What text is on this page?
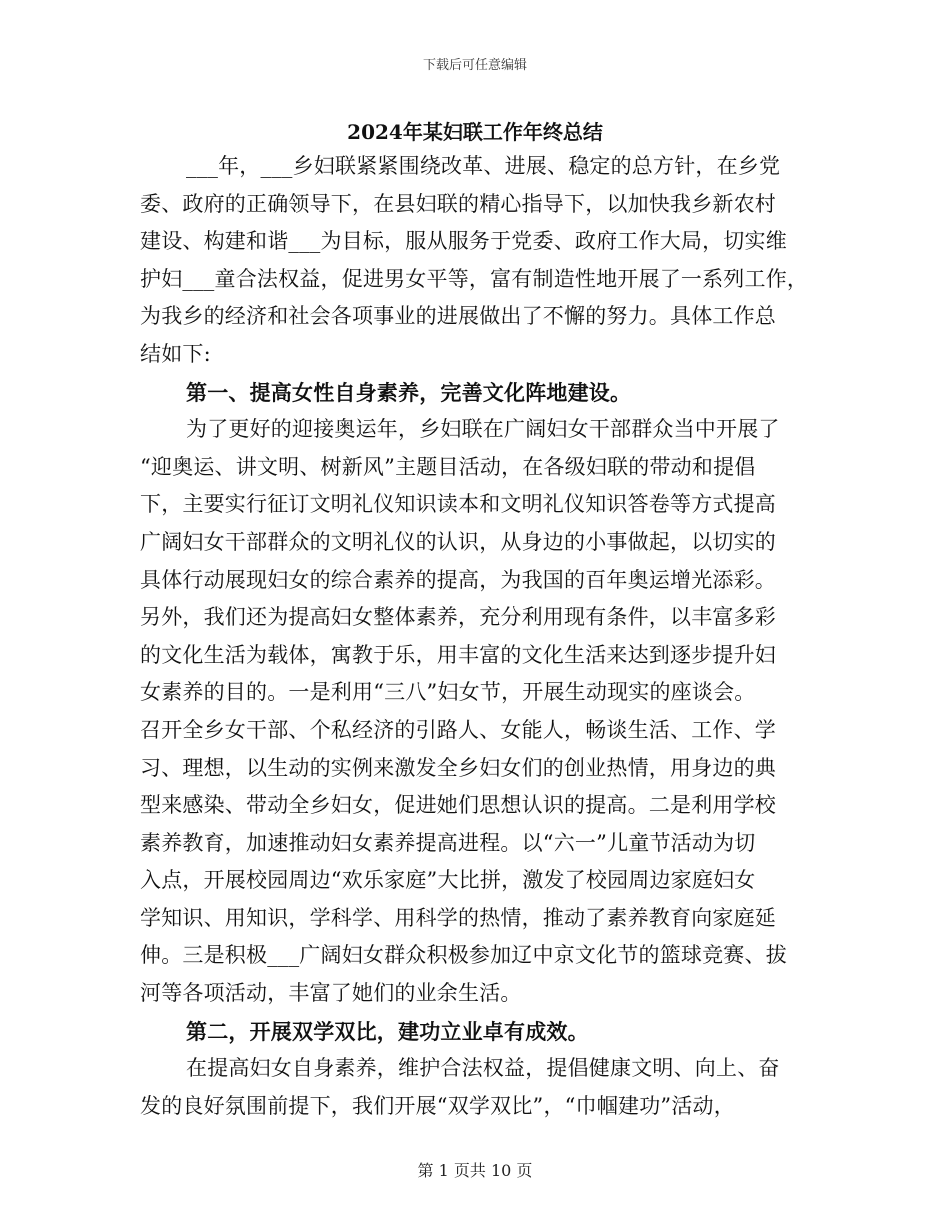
下载后可任意编辑
2024年某妇联工作年终总结
___年，___乡妇联紧紧围绕改革、进展、稳定的总方针，在乡党
委、政府的正确领导下，在县妇联的精心指导下，以加快我乡新农村
建设、构建和谐___为目标，服从服务于党委、政府工作大局，切实维
护妇___童合法权益，促进男女平等，富有制造性地开展了一系列工作，
为我乡的经济和社会各项事业的进展做出了不懈的努力。具体工作总
结如下:
第一、提高女性自身素养，完善文化阵地建设。
为了更好的迎接奥运年，乡妇联在广阔妇女干部群众当中开展了
“迎奥运、讲文明、树新风”主题目活动，在各级妇联的带动和提倡
下，主要实行征订文明礼仪知识读本和文明礼仪知识答卷等方式提高
广阔妇女干部群众的文明礼仪的认识，从身边的小事做起，以切实的
具体行动展现妇女的综合素养的提高，为我国的百年奥运增光添彩。
另外，我们还为提高妇女整体素养，充分利用现有条件，以丰富多彩
的文化生活为载体，寓教于乐，用丰富的文化生活来达到逐步提升妇
女素养的目的。一是利用“三八”妇女节，开展生动现实的座谈会。
召开全乡女干部、个私经济的引路人、女能人，畅谈生活、工作、学
习、理想，以生动的实例来激发全乡妇女们的创业热情，用身边的典
型来感染、带动全乡妇女，促进她们思想认识的提高。二是利用学校
素养教育，加速推动妇女素养提高进程。以“六一”儿童节活动为切
入点，开展校园周边“欢乐家庭”大比拼，激发了校园周边家庭妇女
学知识、用知识，学科学、用科学的热情，推动了素养教育向家庭延
伸。三是积极___广阔妇女群众积极参加辽中京文化节的篮球竞赛、拔
河等各项活动，丰富了她们的业余生活。
第二，开展双学双比，建功立业卓有成效。
在提高妇女自身素养，维护合法权益，提倡健康文明、向上、奋
发的良好氛围前提下，我们开展“双学双比”，“巾帼建功”活动，
第 1 页共 10 页
